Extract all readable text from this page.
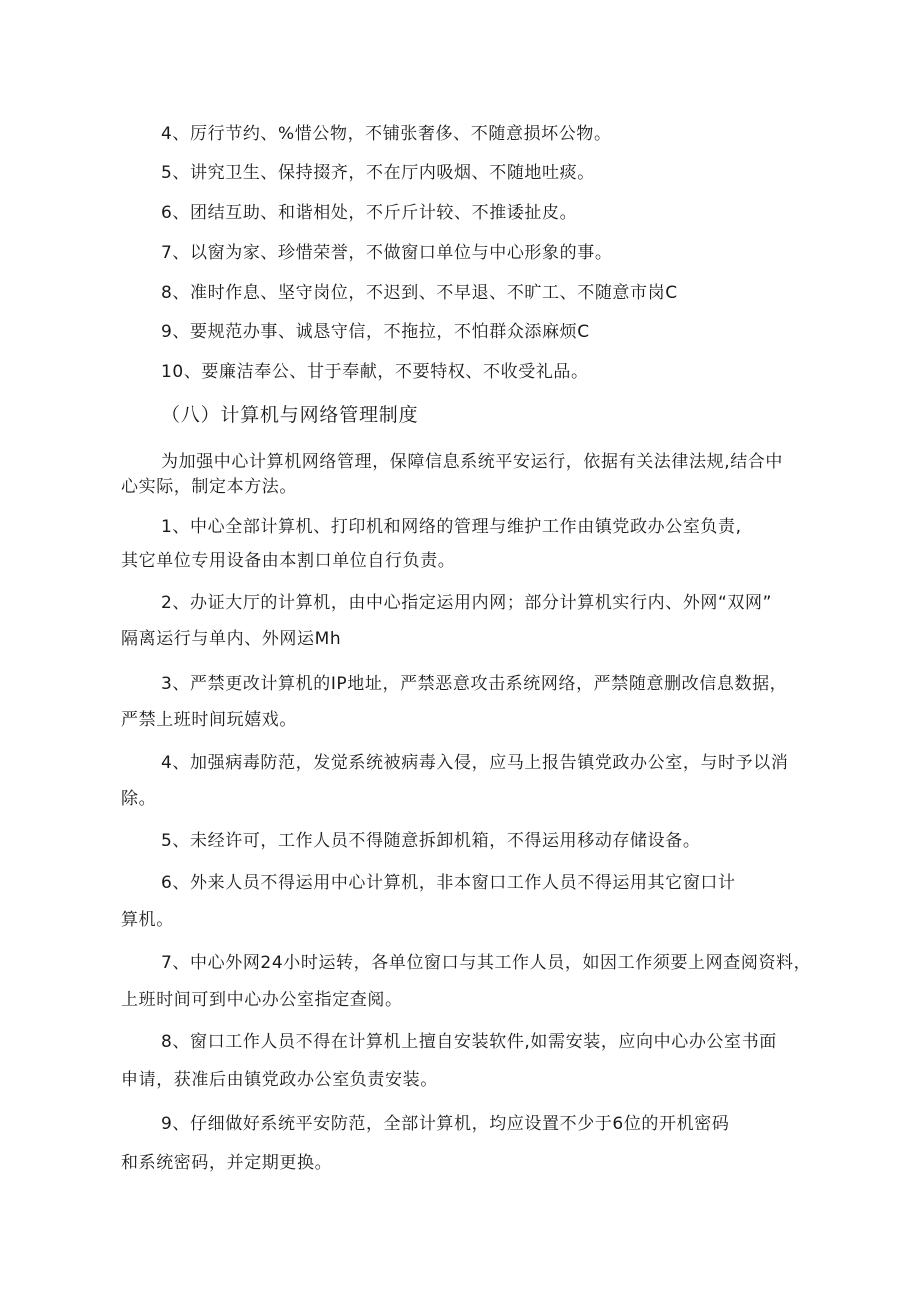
4、厉行节约、%惜公物，不铺张奢侈、不随意损坏公物。

5、讲究卫生、保持掇齐，不在厅内吸烟、不随地吐痰。

6、团结互助、和谐相处，不斤斤计较、不推诿扯皮。

7、以窗为家、珍惜荣誉，不做窗口单位与中心形象的事。

8、准时作息、坚守岗位，不迟到、不早退、不旷工、不随意市岗C

9、要规范办事、诚恳守信，不拖拉，不怕群众添麻烦C

10、要廉洁奉公、甘于奉献，不要特权、不收受礼品。

（八）计算机与网络管理制度

为加强中心计算机网络管理，保障信息系统平安运行，依据有关法律法规,结合中

心实际，制定本方法。

1、中心全部计算机、打印机和网络的管理与维护工作由镇党政办公室负责,

其它单位专用设备由本割口单位自行负责。

2、办证大厅的计算机，由中心指定运用内网；部分计算机实行内、外网“双网”

隔离运行与单内、外网运Mh

3、严禁更改计算机的IP地址，严禁恶意攻击系统网络，严禁随意删改信息数据，

严禁上班时间玩嬉戏。

4、加强病毒防范，发觉系统被病毒入侵，应马上报告镇党政办公室，与时予以消

除。

5、未经许可，工作人员不得随意拆卸机箱，不得运用移动存储设备。

6、外来人员不得运用中心计算机，非本窗口工作人员不得运用其它窗口计

算机。

7、中心外网24小时运转，各单位窗口与其工作人员，如因工作须要上网查阅资料，

上班时间可到中心办公室指定查阅。

8、窗口工作人员不得在计算机上擅自安装软件,如需安装，应向中心办公室书面

申请，获准后由镇党政办公室负责安装。

9、仔细做好系统平安防范，全部计算机，均应设置不少于6位的开机密码

和系统密码，并定期更换。
